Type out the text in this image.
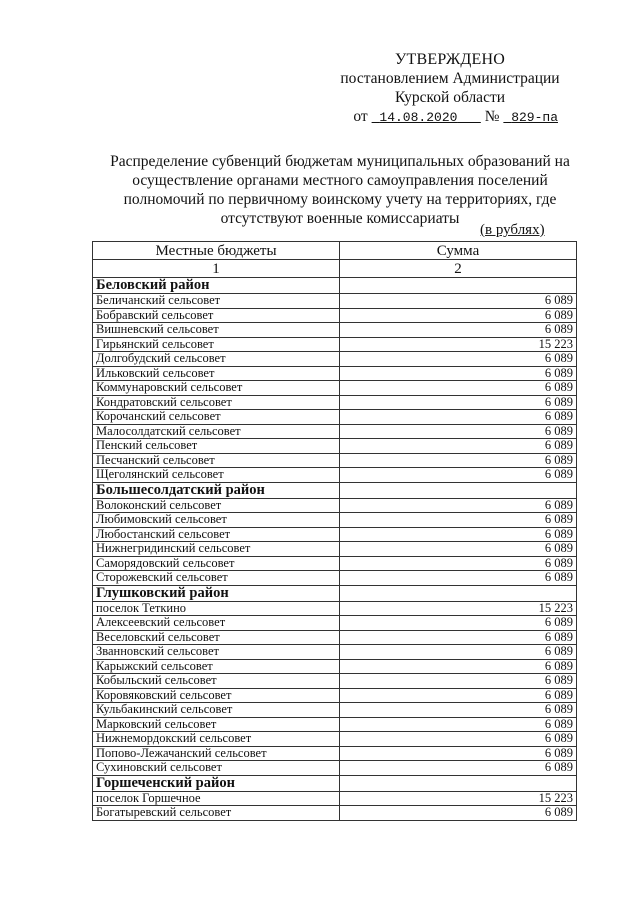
УТВЕРЖДЕНО
постановлением Администрации
Курской области
от 14.08.2020 № 829-па
Распределение субвенций бюджетам муниципальных образований на
осуществление органами местного самоуправления поселений
полномочий по первичному воинскому учету на территориях, где
отсутствуют военные комиссариаты
(в рублях)
Местные бюджеты	Сумма
1	2
Беловский район	
Беличанский сельсовет	6 089
Бобравский сельсовет	6 089
Вишневский сельсовет	6 089
Гирьянский сельсовет	15 223
Долгобудский сельсовет	6 089
Ильковский сельсовет	6 089
Коммунаровский сельсовет	6 089
Кондратовский сельсовет	6 089
Корочанский сельсовет	6 089
Малосолдатский сельсовет	6 089
Пенский сельсовет	6 089
Песчанский сельсовет	6 089
Щеголянский сельсовет	6 089
Большесолдатский район	
Волоконский сельсовет	6 089
Любимовский сельсовет	6 089
Любостанский сельсовет	6 089
Нижнегридинский сельсовет	6 089
Саморядовский сельсовет	6 089
Сторожевский сельсовет	6 089
Глушковский район	
поселок Теткино	15 223
Алексеевский сельсовет	6 089
Веселовский сельсовет	6 089
Званновский сельсовет	6 089
Карыжский сельсовет	6 089
Кобыльский сельсовет	6 089
Коровяковский сельсовет	6 089
Кульбакинский сельсовет	6 089
Марковский сельсовет	6 089
Нижнемордокский сельсовет	6 089
Попово-Лежачанский сельсовет	6 089
Сухиновский сельсовет	6 089
Горшеченский район	
поселок Горшечное	15 223
Богатыревский сельсовет	6 089
